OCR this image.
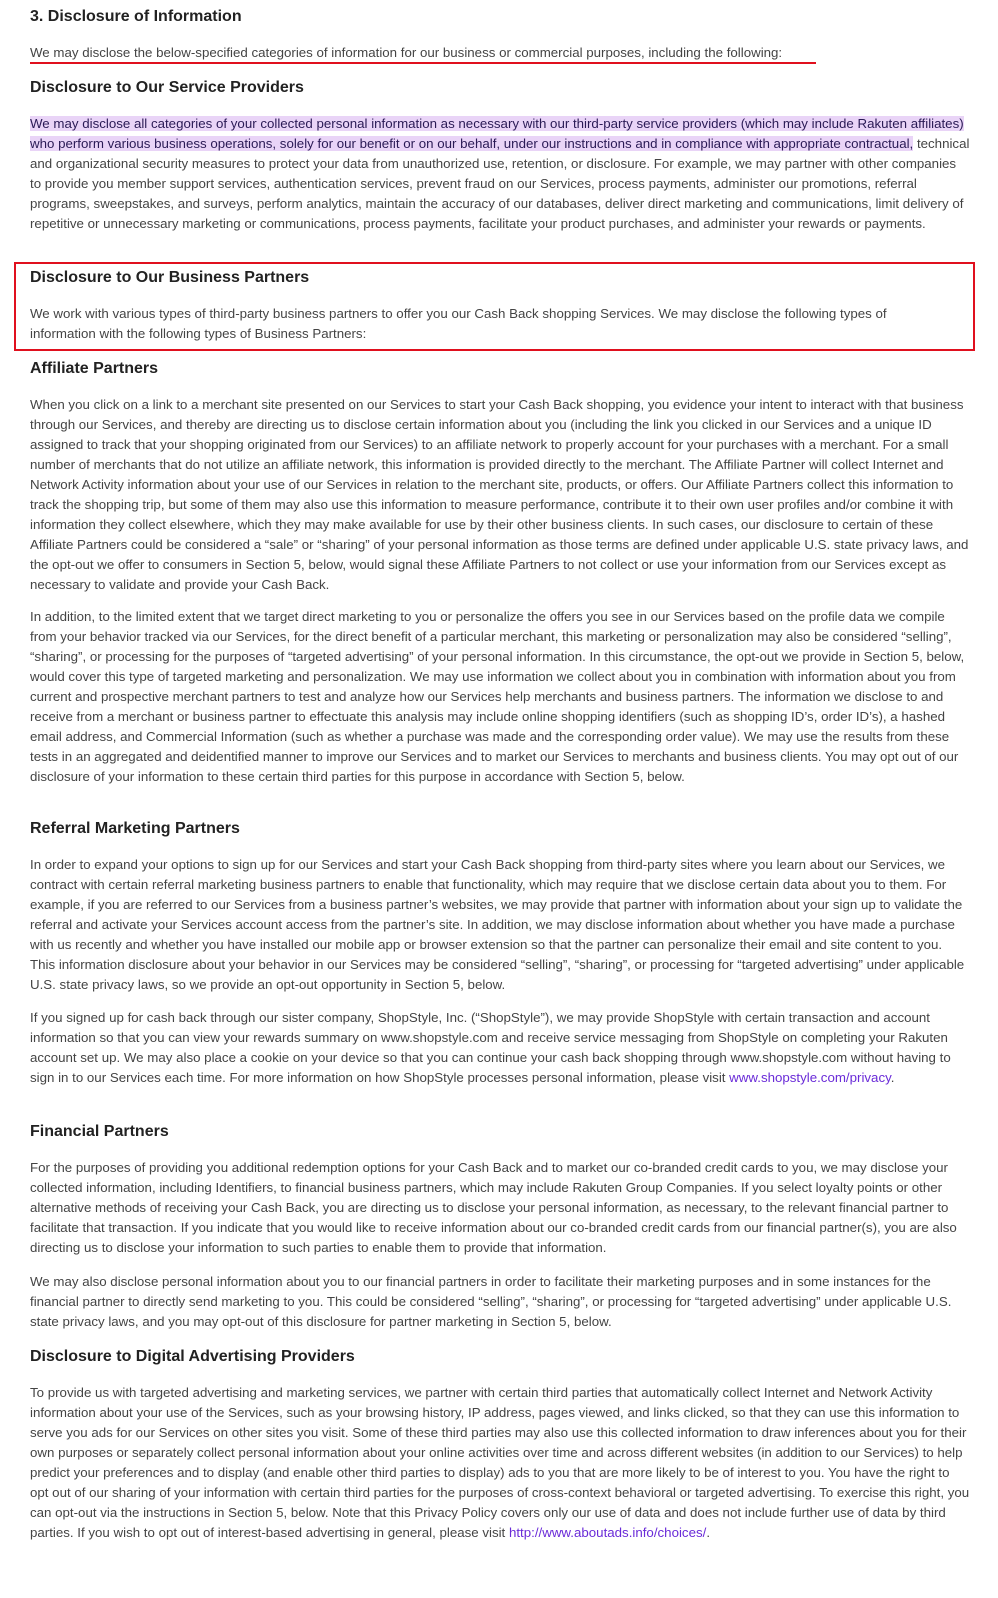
3. Disclosure of Information

We may disclose the below-specified categories of information for our business or commercial purposes, including the following:

Disclosure to Our Service Providers

We may disclose all categories of your collected personal information as necessary with our third-party service providers (which may include Rakuten affiliates) who perform various business operations, solely for our benefit or on our behalf, under our instructions and in compliance with appropriate contractual, technical and organizational security measures to protect your data from unauthorized use, retention, or disclosure. For example, we may partner with other companies to provide you member support services, authentication services, prevent fraud on our Services, process payments, administer our promotions, referral programs, sweepstakes, and surveys, perform analytics, maintain the accuracy of our databases, deliver direct marketing and communications, limit delivery of repetitive or unnecessary marketing or communications, process payments, facilitate your product purchases, and administer your rewards or payments.

Disclosure to Our Business Partners

We work with various types of third-party business partners to offer you our Cash Back shopping Services. We may disclose the following types of information with the following types of Business Partners:

Affiliate Partners

When you click on a link to a merchant site presented on our Services to start your Cash Back shopping, you evidence your intent to interact with that business through our Services, and thereby are directing us to disclose certain information about you (including the link you clicked in our Services and a unique ID assigned to track that your shopping originated from our Services) to an affiliate network to properly account for your purchases with a merchant. For a small number of merchants that do not utilize an affiliate network, this information is provided directly to the merchant. The Affiliate Partner will collect Internet and Network Activity information about your use of our Services in relation to the merchant site, products, or offers. Our Affiliate Partners collect this information to track the shopping trip, but some of them may also use this information to measure performance, contribute it to their own user profiles and/or combine it with information they collect elsewhere, which they may make available for use by their other business clients. In such cases, our disclosure to certain of these Affiliate Partners could be considered a “sale” or “sharing” of your personal information as those terms are defined under applicable U.S. state privacy laws, and the opt-out we offer to consumers in Section 5, below, would signal these Affiliate Partners to not collect or use your information from our Services except as necessary to validate and provide your Cash Back.

In addition, to the limited extent that we target direct marketing to you or personalize the offers you see in our Services based on the profile data we compile from your behavior tracked via our Services, for the direct benefit of a particular merchant, this marketing or personalization may also be considered “selling”, “sharing”, or processing for the purposes of “targeted advertising” of your personal information. In this circumstance, the opt-out we provide in Section 5, below, would cover this type of targeted marketing and personalization. We may use information we collect about you in combination with information about you from current and prospective merchant partners to test and analyze how our Services help merchants and business partners. The information we disclose to and receive from a merchant or business partner to effectuate this analysis may include online shopping identifiers (such as shopping ID’s, order ID’s), a hashed email address, and Commercial Information (such as whether a purchase was made and the corresponding order value). We may use the results from these tests in an aggregated and deidentified manner to improve our Services and to market our Services to merchants and business clients. You may opt out of our disclosure of your information to these certain third parties for this purpose in accordance with Section 5, below.

Referral Marketing Partners

In order to expand your options to sign up for our Services and start your Cash Back shopping from third-party sites where you learn about our Services, we contract with certain referral marketing business partners to enable that functionality, which may require that we disclose certain data about you to them. For example, if you are referred to our Services from a business partner’s websites, we may provide that partner with information about your sign up to validate the referral and activate your Services account access from the partner’s site. In addition, we may disclose information about whether you have made a purchase with us recently and whether you have installed our mobile app or browser extension so that the partner can personalize their email and site content to you. This information disclosure about your behavior in our Services may be considered “selling”, “sharing”, or processing for “targeted advertising” under applicable U.S. state privacy laws, so we provide an opt-out opportunity in Section 5, below.

If you signed up for cash back through our sister company, ShopStyle, Inc. (“ShopStyle”), we may provide ShopStyle with certain transaction and account information so that you can view your rewards summary on www.shopstyle.com and receive service messaging from ShopStyle on completing your Rakuten account set up. We may also place a cookie on your device so that you can continue your cash back shopping through www.shopstyle.com without having to sign in to our Services each time. For more information on how ShopStyle processes personal information, please visit www.shopstyle.com/privacy.

Financial Partners

For the purposes of providing you additional redemption options for your Cash Back and to market our co-branded credit cards to you, we may disclose your collected information, including Identifiers, to financial business partners, which may include Rakuten Group Companies. If you select loyalty points or other alternative methods of receiving your Cash Back, you are directing us to disclose your personal information, as necessary, to the relevant financial partner to facilitate that transaction. If you indicate that you would like to receive information about our co-branded credit cards from our financial partner(s), you are also directing us to disclose your information to such parties to enable them to provide that information.

We may also disclose personal information about you to our financial partners in order to facilitate their marketing purposes and in some instances for the financial partner to directly send marketing to you. This could be considered “selling”, “sharing”, or processing for “targeted advertising” under applicable U.S. state privacy laws, and you may opt-out of this disclosure for partner marketing in Section 5, below.

Disclosure to Digital Advertising Providers

To provide us with targeted advertising and marketing services, we partner with certain third parties that automatically collect Internet and Network Activity information about your use of the Services, such as your browsing history, IP address, pages viewed, and links clicked, so that they can use this information to serve you ads for our Services on other sites you visit. Some of these third parties may also use this collected information to draw inferences about you for their own purposes or separately collect personal information about your online activities over time and across different websites (in addition to our Services) to help predict your preferences and to display (and enable other third parties to display) ads to you that are more likely to be of interest to you. You have the right to opt out of our sharing of your information with certain third parties for the purposes of cross-context behavioral or targeted advertising. To exercise this right, you can opt-out via the instructions in Section 5, below. Note that this Privacy Policy covers only our use of data and does not include further use of data by third parties. If you wish to opt out of interest-based advertising in general, please visit http://www.aboutads.info/choices/.
